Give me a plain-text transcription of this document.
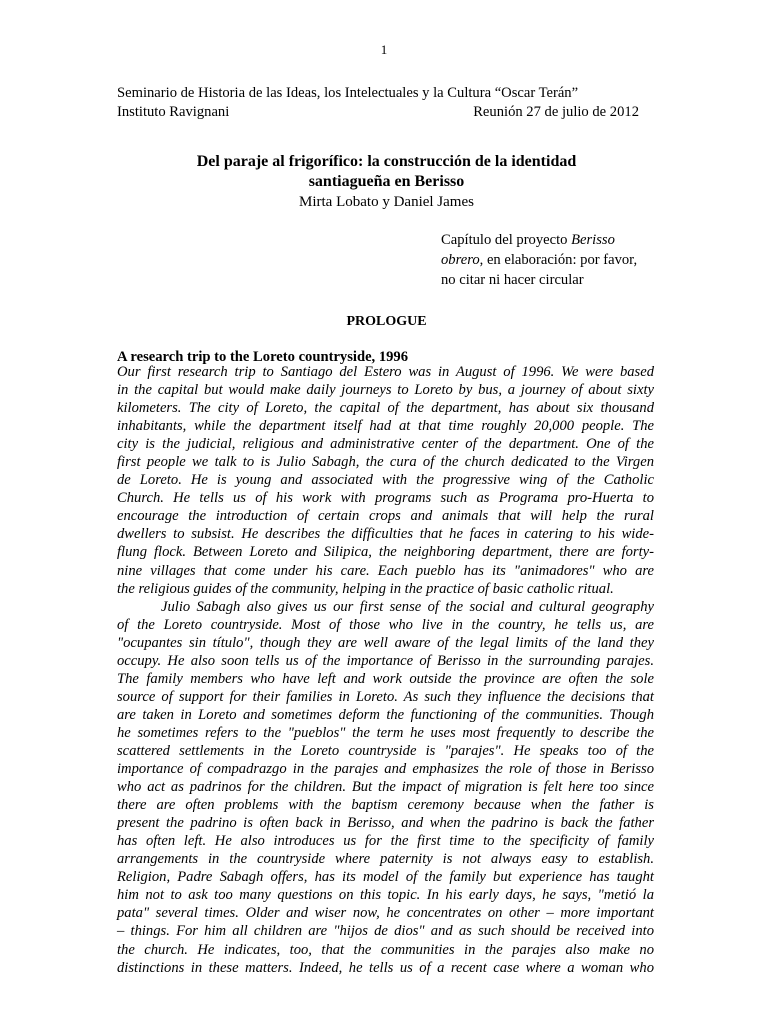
1
Seminario de Historia de las Ideas, los Intelectuales y la Cultura “Oscar Terán”
Instituto Ravignani	Reunión 27 de julio de 2012

Del paraje al frigorífico: la construcción de la identidad

santiagueña en Berisso

Mirta Lobato y Daniel James

Capítulo del proyecto Berisso
obrero, en elaboración: por favor,
no citar ni hacer circular
PROLOGUE
A research trip to the Loreto countryside, 1996

Our first research trip to Santiago del Estero was in August of 1996. We were based

in the capital but would make daily journeys to Loreto by bus, a journey of about sixty

kilometers. The city of Loreto, the capital of the department, has about six thousand

inhabitants, while the department itself had at that time roughly 20,000 people. The

city is the judicial, religious and administrative center of the department. One of the

first people we talk to is Julio Sabagh, the cura of the church dedicated to the Virgen

de Loreto. He is young and associated with the progressive wing of the Catholic

Church. He tells us of his work with programs such as Programa pro-Huerta to

encourage the introduction of certain crops and animals that will help the rural

dwellers to subsist. He describes the difficulties that he faces in catering to his wide-

flung flock. Between Loreto and Silipica, the neighboring department, there are forty-

nine villages that come under his care. Each pueblo has its "animadores" who are

the religious guides of the community, helping in the practice of basic catholic ritual.

Julio Sabagh also gives us our first sense of the social and cultural geography

of the Loreto countryside. Most of those who live in the country, he tells us, are

"ocupantes sin título", though they are well aware of the legal limits of the land they

occupy. He also soon tells us of the importance of Berisso in the surrounding parajes.

The family members who have left and work outside the province are often the sole

source of support for their families in Loreto. As such they influence the decisions that

are taken in Loreto and sometimes deform the functioning of the communities. Though

he sometimes refers to the "pueblos" the term he uses most frequently to describe the

scattered settlements in the Loreto countryside is "parajes". He speaks too of the

importance of compadrazgo in the parajes and emphasizes the role of those in Berisso

who act as padrinos for the children. But the impact of migration is felt here too since

there are often problems with the baptism ceremony because when the father is

present the padrino is often back in Berisso, and when the padrino is back the father

has often left. He also introduces us for the first time to the specificity of family

arrangements in the countryside where paternity is not always easy to establish.

Religion, Padre Sabagh offers, has its model of the family but experience has taught

him not to ask too many questions on this topic. In his early days, he says, "metió la

pata" several times. Older and wiser now, he concentrates on other – more important

– things. For him all children are "hijos de dios" and as such should be received into

the church. He indicates, too, that the communities in the parajes also make no

distinctions in these matters. Indeed, he tells us of a recent case where a woman who
